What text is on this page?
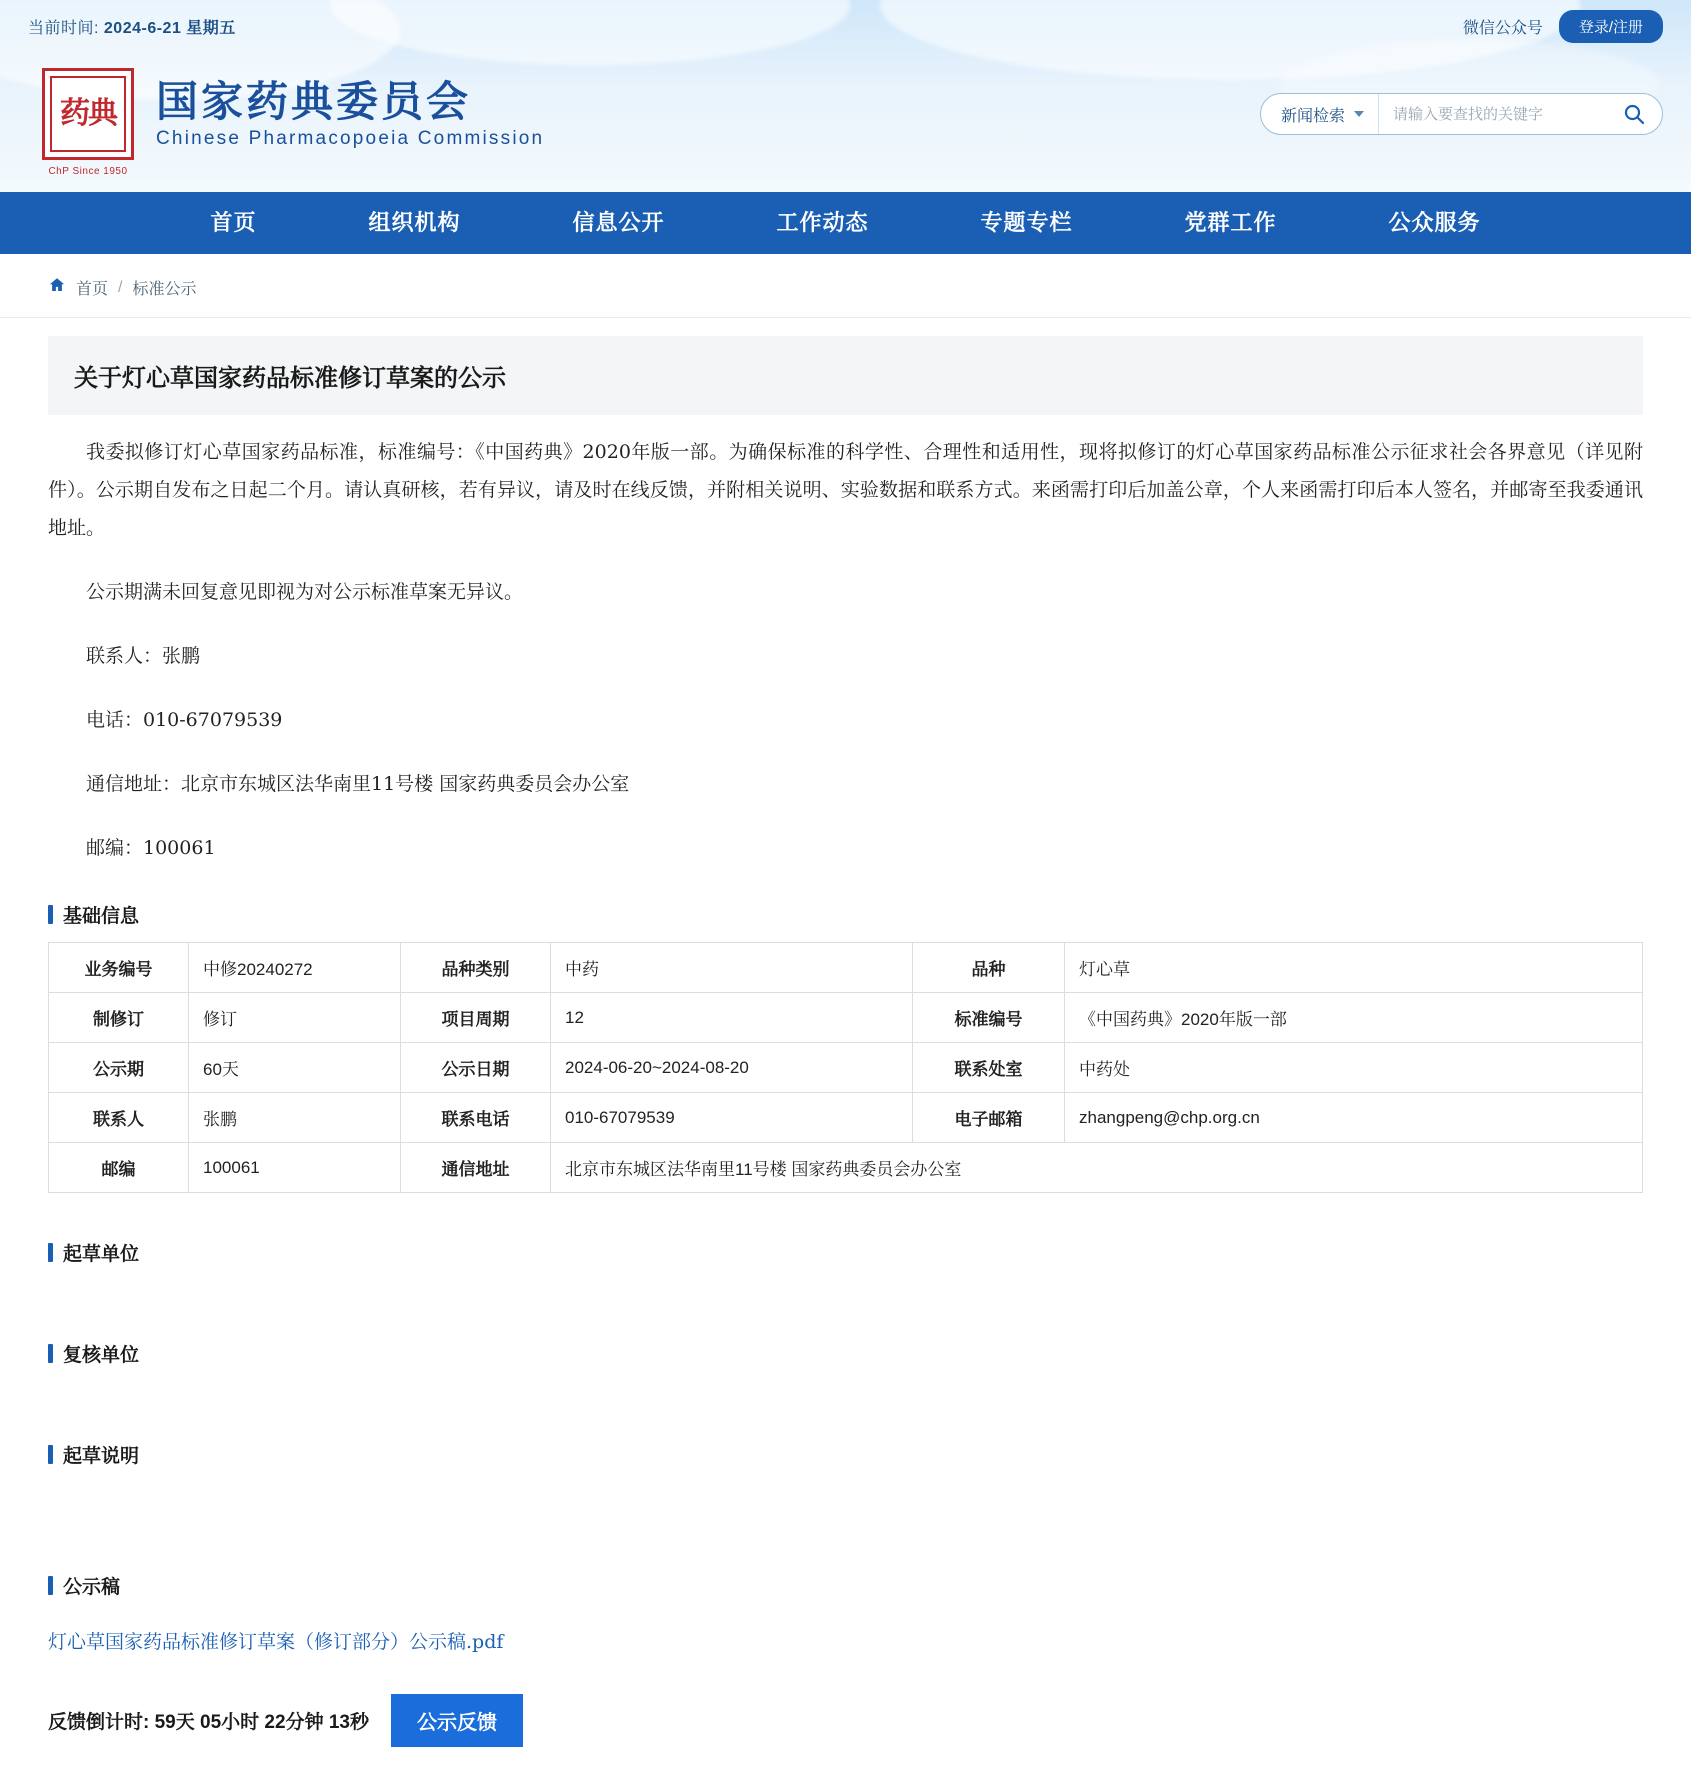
当前时间: 2024-6-21 星期五	微信公众号	登录/注册
药典
ChP Since 1950
国家药典委员会
Chinese Pharmacopoeia Commission
新闻检索
请输入要查找的关键字
首页	组织机构	信息公开	工作动态	专题专栏	党群工作	公众服务
首页 / 标准公示
关于灯心草国家药品标准修订草案的公示

我委拟修订灯心草国家药品标准，标准编号：《中国药典》2020年版一部。为确保标准的科学性、合理性和适用性，现将拟修订的灯心草国家药品标准公示征求社会各界意见（详见附件）。公示期自发布之日起二个月。请认真研核，若有异议，请及时在线反馈，并附相关说明、实验数据和联系方式。来函需打印后加盖公章，个人来函需打印后本人签名，并邮寄至我委通讯地址。

公示期满未回复意见即视为对公示标准草案无异议。

联系人：张鹏

电话：010-67079539

通信地址：北京市东城区法华南里11号楼 国家药典委员会办公室

邮编：100061

基础信息
业务编号	中修20240272	品种类别	中药	品种	灯心草
制修订	修订	项目周期	12	标准编号	《中国药典》2020年版一部
公示期	60天	公示日期	2024-06-20~2024-08-20	联系处室	中药处
联系人	张鹏	联系电话	010-67079539	电子邮箱	zhangpeng@chp.org.cn
邮编	100061	通信地址	北京市东城区法华南里11号楼 国家药典委员会办公室		
起草单位
复核单位
起草说明
公示稿
灯心草国家药品标准修订草案（修订部分）公示稿.pdf
反馈倒计时: 59天 05小时 22分钟 13秒	公示反馈
